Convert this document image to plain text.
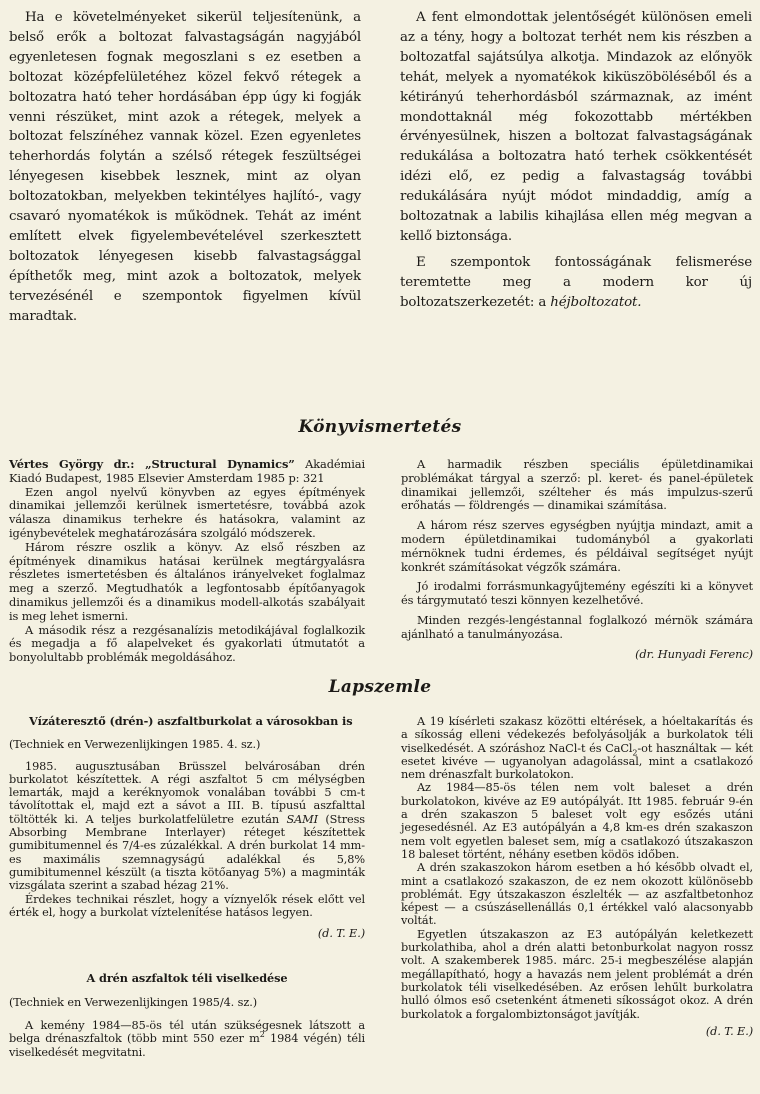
Ha e követelményeket sikerül teljesítenünk, a belső erők a boltozat falvastagságán nagyjából egyenletesen fognak megoszlani s ez esetben a boltozat középfelületéhez közel fekvő rétegek a boltozatra ható teher hordásában épp úgy ki fogják venni részüket, mint azok a rétegek, melyek a boltozat felszínéhez vannak közel. Ezen egyenletes teherhordás folytán a szélső rétegek feszültségei lényegesen kisebbek lesznek, mint az olyan boltozatokban, melyekben tekintélyes hajlító-, vagy csavaró nyomatékok is működnek. Tehát az imént említett elvek figyelembevételével szerkesztett boltozatok lényegesen kisebb falvastagsággal építhetők meg, mint azok a boltozatok, melyek tervezésénél e szempontok figyelmen kívül maradtak.

A fent elmondottak jelentőségét különösen emeli az a tény, hogy a boltozat terhét nem kis részben a boltozatfal sajátsúlya alkotja. Mindazok az előnyök tehát, melyek a nyomatékok kiküszöböléséből és a kétirányú teherhordásból származnak, az imént mondottaknál még fokozottabb mértékben érvényesülnek, hiszen a boltozat falvastagságának redukálása a boltozatra ható terhek csökkentését idézi elő, ez pedig a falvastagság további redukálására nyújt módot mindaddig, amíg a boltozatnak a labilis kihajlása ellen még megvan a kellő biztonsága.

E szempontok fontosságának felismerése teremtette meg a modern kor új boltozatszerkezetét: a héjboltozatot.

Könyvismertetés

Vértes György dr.: „Structural Dynamics” Akadémiai Kiadó Budapest, 1985 Elsevier Amsterdam 1985 p: 321

Ezen angol nyelvű könyvben az egyes építmények dinamikai jellemzői kerülnek ismertetésre, továbbá azok válasza dinamikus terhekre és hatásokra, valamint az igénybevételek meghatározására szolgáló módszerek.

Három részre oszlik a könyv. Az első részben az építmények dinamikus hatásai kerülnek megtárgyalásra részletes ismertetésben és általános irányelveket foglalmaz meg a szerző. Megtudhatók a legfontosabb építőanyagok dinamikus jellemzői és a dinamikus modell-alkotás szabályait is meg lehet ismerni.

A második rész a rezgésanalízis metodikájával foglalkozik és megadja a fő alapelveket és gyakorlati útmutatót a bonyolultabb problémák megoldásához.

A harmadik részben speciális épületdinamikai problémákat tárgyal a szerző: pl. keret- és panel-épületek dinamikai jellemzői, szélteher és más impulzus-szerű erőhatás — földrengés — dinamikai számítása.

A három rész szerves egységben nyújtja mindazt, amit a modern épületdinamikai tudományból a gyakorlati mérnöknek tudni érdemes, és példáival segítséget nyújt konkrét számításokat végzők számára.

Jó irodalmi forrásmunkagyűjtemény egészíti ki a könyvet és tárgymutató teszi könnyen kezelhetővé.

Minden rezgés-lengéstannal foglalkozó mérnök számára ajánlható a tanulmányozása.

(dr. Hunyadi Ferenc)

Lapszemle

Vízáteresztő (drén-) aszfaltburkolat a városokban is

(Techniek en Verwezenlijkingen 1985. 4. sz.)

1985. augusztusában Brüsszel belvárosában drén burkolatot készítettek. A régi aszfaltot 5 cm mélységben lemarták, majd a keréknyomok vonalában további 5 cm-t távolítottak el, majd ezt a sávot a III. B. típusú aszfalttal töltötték ki. A teljes burkolatfelületre ezután SAMI (Stress Absorbing Membrane Interlayer) réteget készítettek gumibitumennel és 7/4-es zúzalékkal. A drén burkolat 14 mm-es maximális szemnagyságú adalékkal és 5,8% gumibitumennel készült (a tiszta kötőanyag 5%) a magminták vizsgálata szerint a szabad hézag 21%.

Érdekes technikai részlet, hogy a víznyelők rések előtt vel érték el, hogy a burkolat víztelenítése hatásos legyen.

(d. T. E.)

A drén aszfaltok téli viselkedése

(Techniek en Verwezenlijkingen 1985/4. sz.)

A kemény 1984—85-ös tél után szükségesnek látszott a belga drénaszfaltok (több mint 550 ezer $m^2$ 1984 végén) téli viselkedését megvitatni.

A 19 kísérleti szakasz közötti eltérések, a hóeltakarítás és a síkosság elleni védekezés befolyásolják a burkolatok téli viselkedését. A szóráshoz NaCl-t és CaCl$_2$-ot használtak — két esetet kivéve — ugyanolyan adagolással, mint a csatlakozó nem drénaszfalt burkolatokon.

Az 1984—85-ös télen nem volt baleset a drén burkolatokon, kivéve az E9 autópályát. Itt 1985. február 9-én a drén szakaszon 5 baleset volt egy esőzés utáni jegesedésnél. Az E3 autópályán a 4,8 km-es drén szakaszon nem volt egyetlen baleset sem, míg a csatlakozó útszakaszon 18 baleset történt, néhány esetben ködös időben.

A drén szakaszokon három esetben a hó később olvadt el, mint a csatlakozó szakaszon, de ez nem okozott különösebb problémát. Egy útszakaszon észlelték — az aszfaltbetonhoz képest — a csúszásellenállás 0,1 értékkel való alacsonyabb voltát.

Egyetlen útszakaszon az E3 autópályán keletkezett burkolathiba, ahol a drén alatti betonburkolat nagyon rossz volt. A szakemberek 1985. márc. 25-i megbeszélése alapján megállapítható, hogy a havazás nem jelent problémát a drén burkolatok téli viselkedésében. Az erősen lehűlt burkolatra hulló ólmos eső csetenként átmeneti síkosságot okoz. A drén burkolatok a forgalombiztonságot javítják.

(d. T. E.)
